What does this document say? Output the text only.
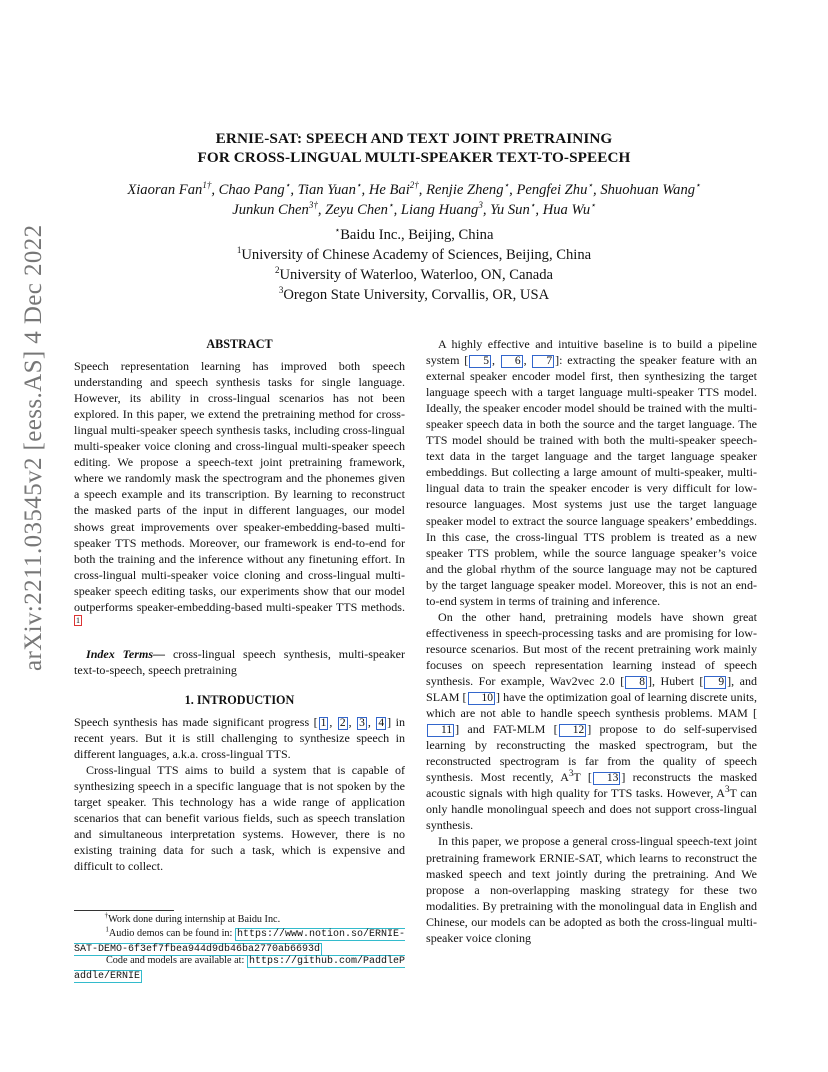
arXiv:2211.03545v2 [eess.AS] 4 Dec 2022
ERNIE-SAT: SPEECH AND TEXT JOINT PRETRAINING
FOR CROSS-LINGUAL MULTI-SPEAKER TEXT-TO-SPEECH
Xiaoran Fan$^{1\dagger}$, Chao Pang⋆, Tian Yuan⋆, He Bai$^{2\dagger}$, Renjie Zheng⋆, Pengfei Zhu⋆, Shuohuan Wang⋆
Junkun Chen$^{3\dagger}$, Zeyu Chen⋆, Liang Huang$^3$, Yu Sun⋆, Hua Wu⋆
⋆Baidu Inc., Beijing, China
$^1$University of Chinese Academy of Sciences, Beijing, China
$^2$University of Waterloo, Waterloo, ON, Canada
$^3$Oregon State University, Corvallis, OR, USA
ABSTRACT

Speech representation learning has improved both speech understanding and speech synthesis tasks for single language. However, its ability in cross-lingual scenarios has not been explored. In this paper, we extend the pretraining method for cross-lingual multi-speaker speech synthesis tasks, including cross-lingual multi-speaker voice cloning and cross-lingual multi-speaker speech editing. We propose a speech-text joint pretraining framework, where we randomly mask the spectrogram and the phonemes given a speech example and its transcription. By learning to reconstruct the masked parts of the input in different languages, our model shows great improvements over speaker-embedding-based multi-speaker TTS methods. Moreover, our framework is end-to-end for both the training and the inference without any finetuning effort. In cross-lingual multi-speaker voice cloning and cross-lingual multi-speaker speech editing tasks, our experiments show that our model outperforms speaker-embedding-based multi-speaker TTS methods.1

Index Terms— cross-lingual speech synthesis, multi-speaker text-to-speech, speech pretraining

1. INTRODUCTION

Speech synthesis has made significant progress [ 1 , 2 , 3 , 4 ] in recent years. But it is still challenging to synthesize speech in different languages, a.k.a. cross-lingual TTS.

Cross-lingual TTS aims to build a system that is capable of synthesizing speech in a specific language that is not spoken by the target speaker. This technology has a wide range of application scenarios that can benefit various fields, such as speech translation and simultaneous interpretation systems. However, there is no existing training data for such a task, which is expensive and difficult to collect.

†Work done during internship at Baidu Inc.
$^1$Audio demos can be found in: https://www.notion.so/ERNIE-SAT-DEMO-6f3ef7fbea944d9db46ba2770ab6693d
Code and models are available at: https://github.com/PaddlePaddle/ERNIE

A highly effective and intuitive baseline is to build a pipeline system [ 5 , 6 , 7 ]: extracting the speaker feature with an external speaker encoder model first, then synthesizing the target language speech with a target language multi-speaker TTS model. Ideally, the speaker encoder model should be trained with the multi-speaker speech data in both the source and the target language. The TTS model should be trained with both the multi-speaker speech-text data in the target language and the target language speaker embeddings. But collecting a large amount of multi-speaker, multi-lingual data to train the speaker encoder is very difficult for low-resource languages. Most systems just use the target language speaker model to extract the source language speakers’ embeddings. In this case, the cross-lingual TTS problem is treated as a new speaker TTS problem, while the source language speaker’s voice and the global rhythm of the source language may not be captured by the target language speaker model. Moreover, this is not an end-to-end system in terms of training and inference.

On the other hand, pretraining models have shown great effectiveness in speech-processing tasks and are promising for low-resource scenarios. But most of the recent pretraining work mainly focuses on speech representation learning instead of speech synthesis. For example, Wav2vec 2.0 [ 8 ], Hubert [ 9 ], and SLAM [ 10 ] have the optimization goal of learning discrete units, which are not able to handle speech synthesis problems. MAM [11 ] and FAT-MLM [ 12 ] propose to do self-supervised learning by reconstructing the masked spectrogram, but the reconstructed spectrogram is far from the quality of speech synthesis. Most recently, $A^3T$ [ 13 ] reconstructs the masked acoustic signals with high quality for TTS tasks. However, $A^3T$ can only handle monolingual speech and does not support cross-lingual synthesis.

In this paper, we propose a general cross-lingual speech-text joint pretraining framework ERNIE-SAT, which learns to reconstruct the masked speech and text jointly during the pretraining. And We propose a non-overlapping masking strategy for these two modalities. By pretraining with the monolingual data in English and Chinese, our models can be adopted as both the cross-lingual multi-speaker voice cloning
